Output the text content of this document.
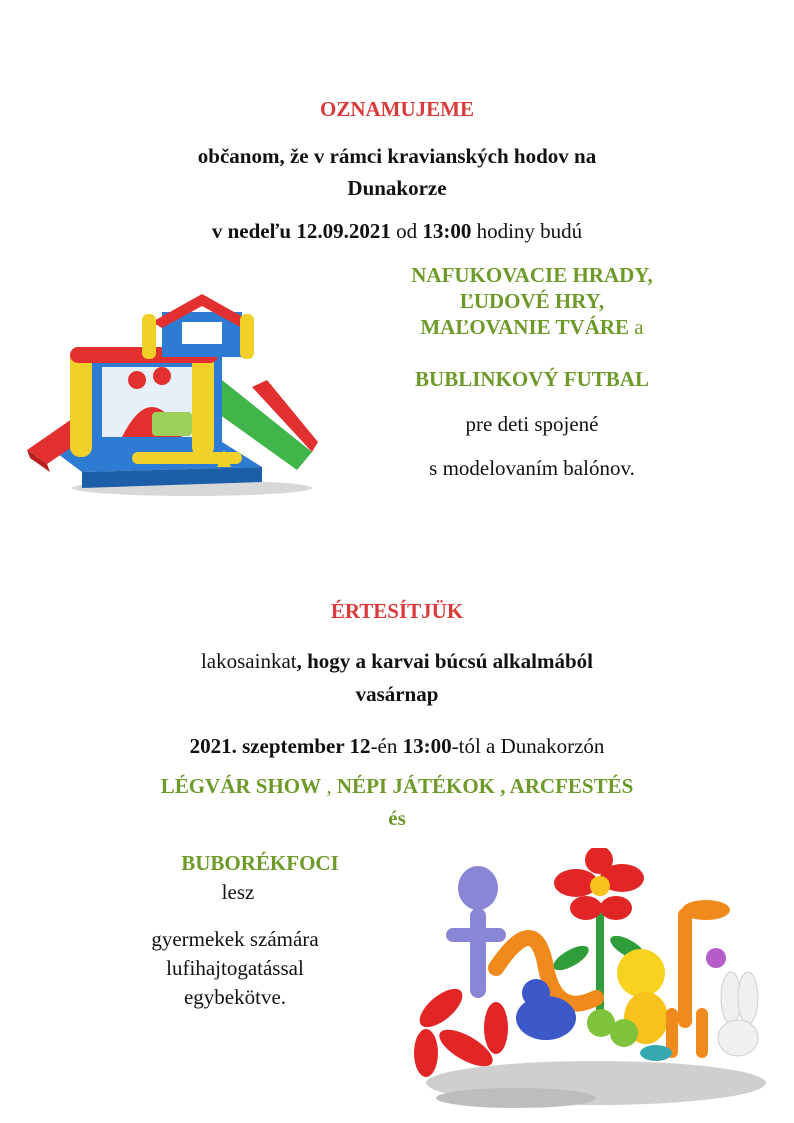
OZNAMUJEME
občanom, že v rámci kravianských hodov na
Dunakorze
v nedeľu 12.09.2021 od 13:00 hodiny budú
NAFUKOVACIE HRADY,
ĽUDOVÉ HRY,
MAĽOVANIE TVÁRE a
BUBLINKOVÝ FUTBAL
pre deti spojené
s modelovaním balónov.
ÉRTESÍTJÜK
lakosainkat, hogy a karvai búcsú alkalmából
vasárnap
2021. szeptember 12-én 13:00-tól a Dunakorzón
LÉGVÁR SHOW , NÉPI JÁTÉKOK , ARCFESTÉS
és
BUBORÉKFOCI
lesz
gyermekek számára
lufihajtogatással
egybekötve.
